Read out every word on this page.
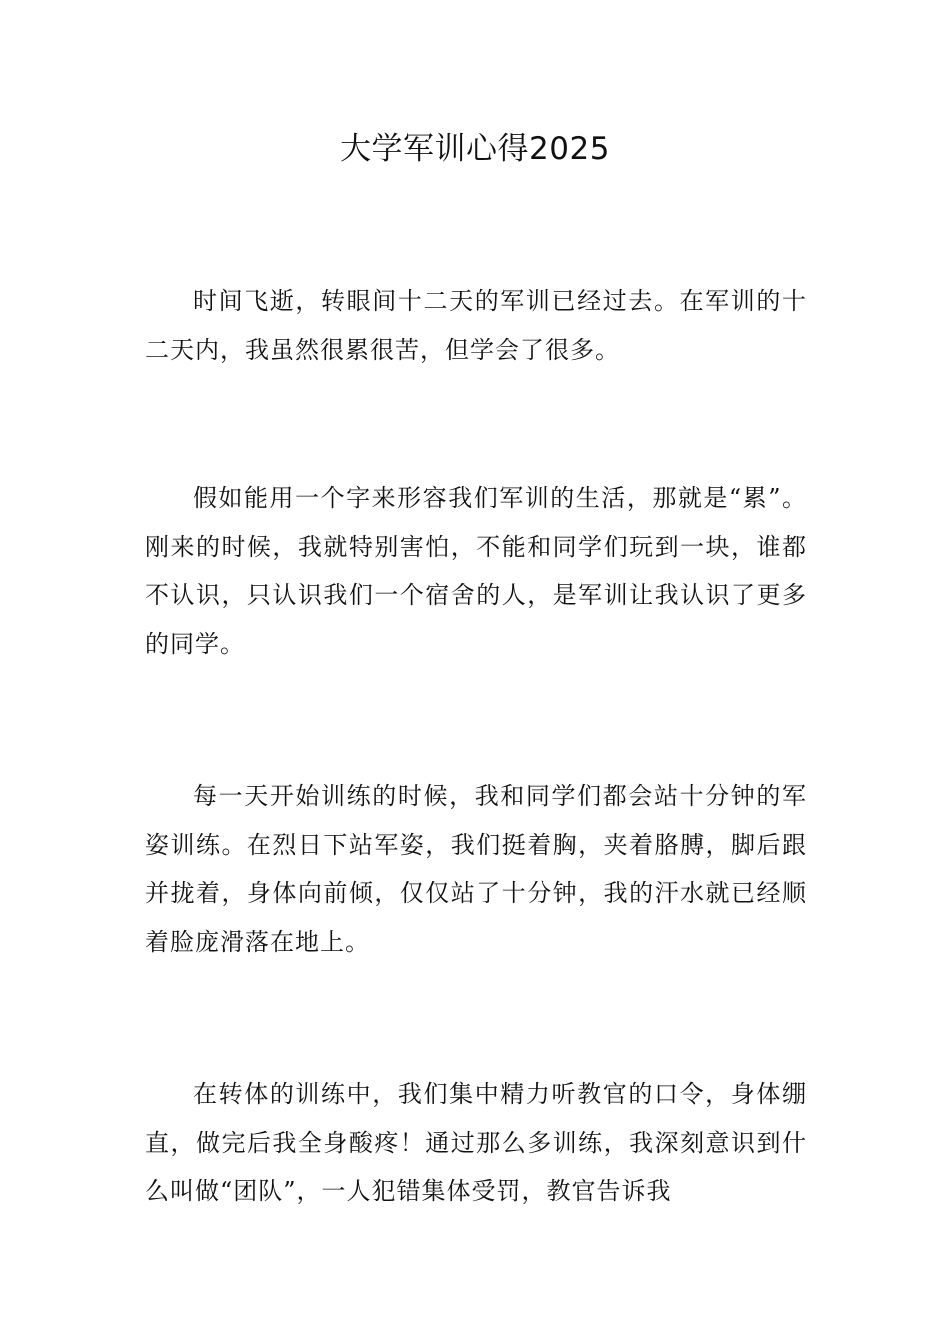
大学军训心得2025

时间飞逝，转眼间十二天的军训已经过去。在军训的十二天内，我虽然很累很苦，但学会了很多。

假如能用一个字来形容我们军训的生活，那就是“累”。刚来的时候，我就特别害怕，不能和同学们玩到一块，谁都不认识，只认识我们一个宿舍的人，是军训让我认识了更多的同学。

每一天开始训练的时候，我和同学们都会站十分钟的军姿训练。在烈日下站军姿，我们挺着胸，夹着胳膊，脚后跟并拢着，身体向前倾，仅仅站了十分钟，我的汗水就已经顺着脸庞滑落在地上。

在转体的训练中，我们集中精力听教官的口令，身体绷直，做完后我全身酸疼！通过那么多训练，我深刻意识到什么叫做“团队”，一人犯错集体受罚，教官告诉我
